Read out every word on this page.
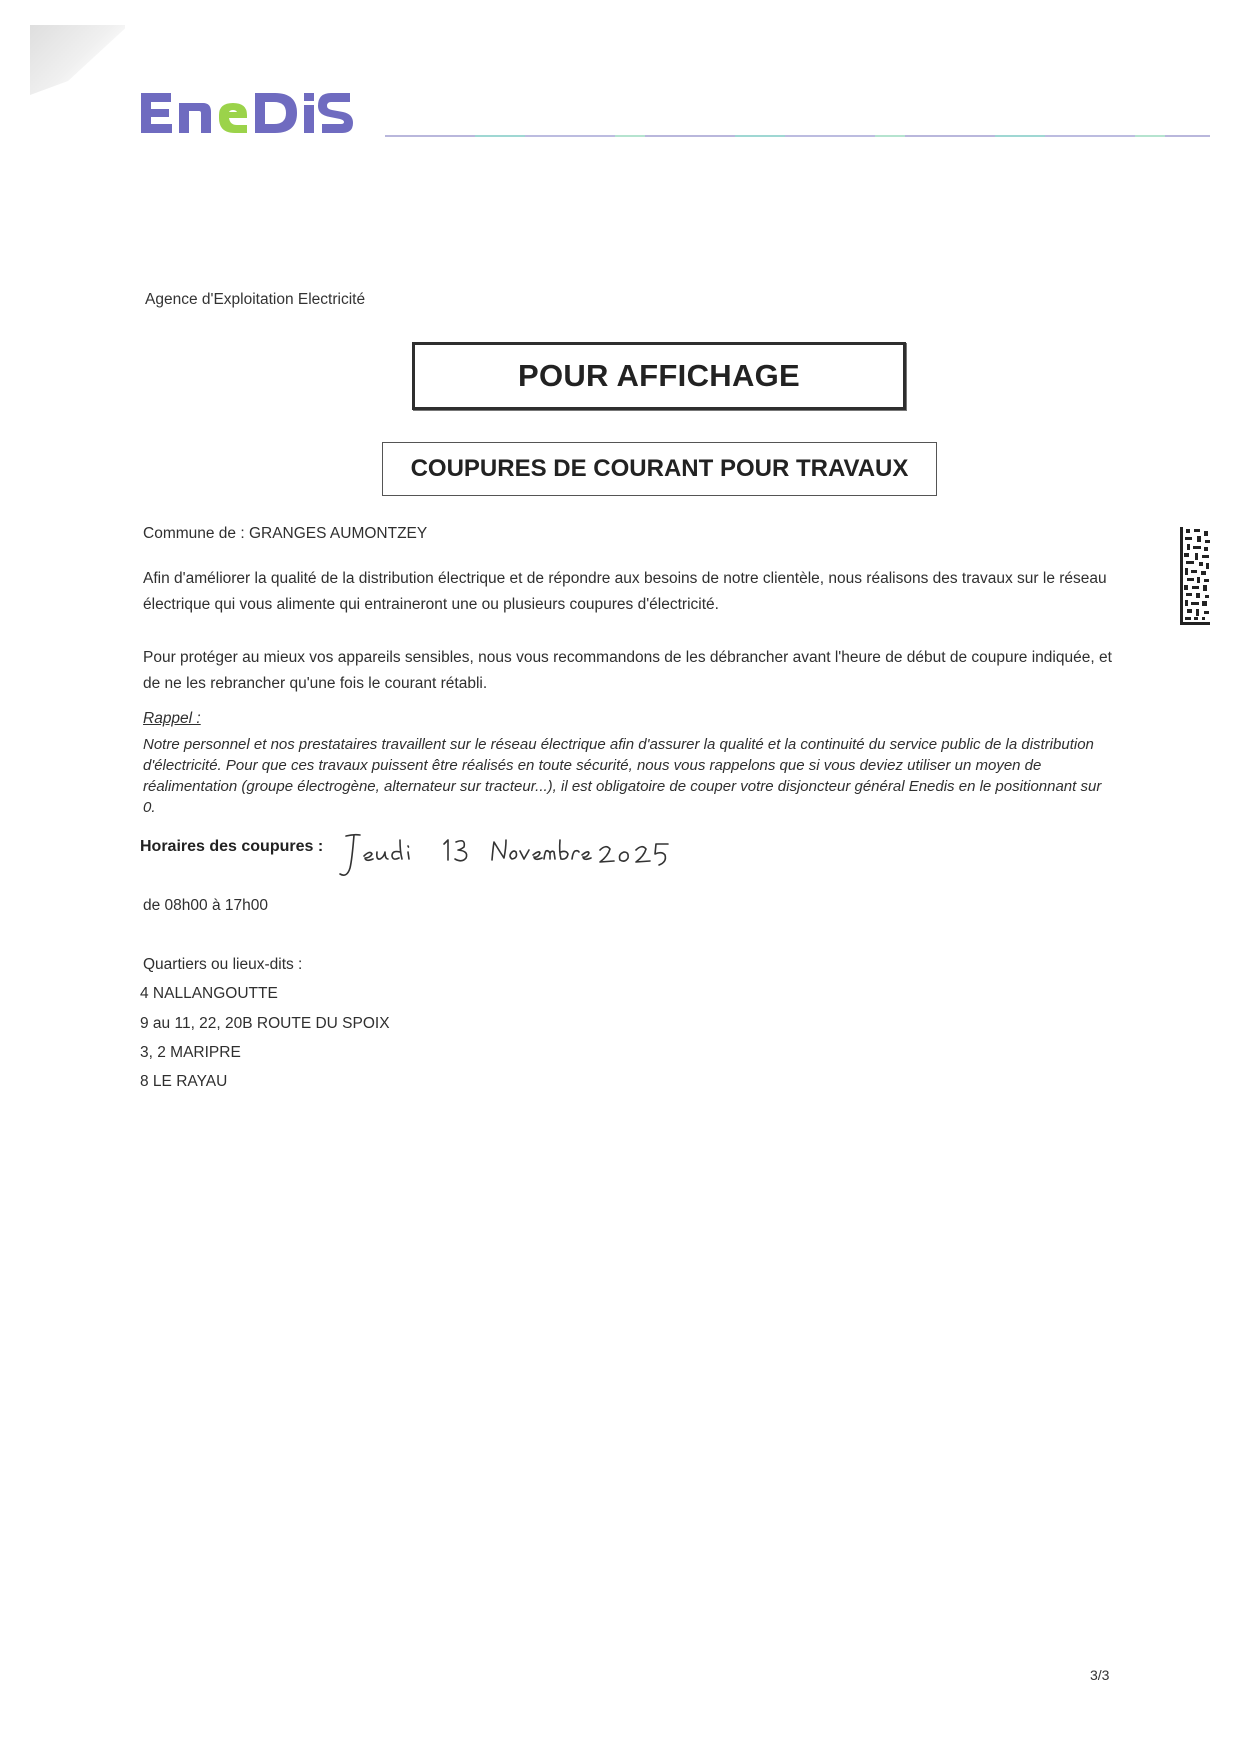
Agence d'Exploitation Electricité
POUR AFFICHAGE
COUPURES DE COURANT POUR TRAVAUX
Commune de : GRANGES AUMONTZEY
Afin d'améliorer la qualité de la distribution électrique et de répondre aux besoins de notre clientèle, nous réalisons des travaux sur le réseau électrique qui vous alimente qui entraineront une ou plusieurs coupures d'électricité.
Pour protéger au mieux vos appareils sensibles, nous vous recommandons de les débrancher avant l'heure de début de coupure indiquée, et de ne les rebrancher qu'une fois le courant rétabli.
Rappel :
Notre personnel et nos prestataires travaillent sur le réseau électrique afin d'assurer la qualité et la continuité du service public de la distribution d'électricité. Pour que ces travaux puissent être réalisés en toute sécurité, nous vous rappelons que si vous deviez utiliser un moyen de réalimentation (groupe électrogène, alternateur sur tracteur...), il est obligatoire de couper votre disjoncteur général Enedis en le positionnant sur 0.
Horaires des coupures :
de 08h00 à 17h00
Quartiers ou lieux-dits :
4 NALLANGOUTTE
9 au 11, 22, 20B ROUTE DU SPOIX
3, 2 MARIPRE
8 LE RAYAU
3/3
